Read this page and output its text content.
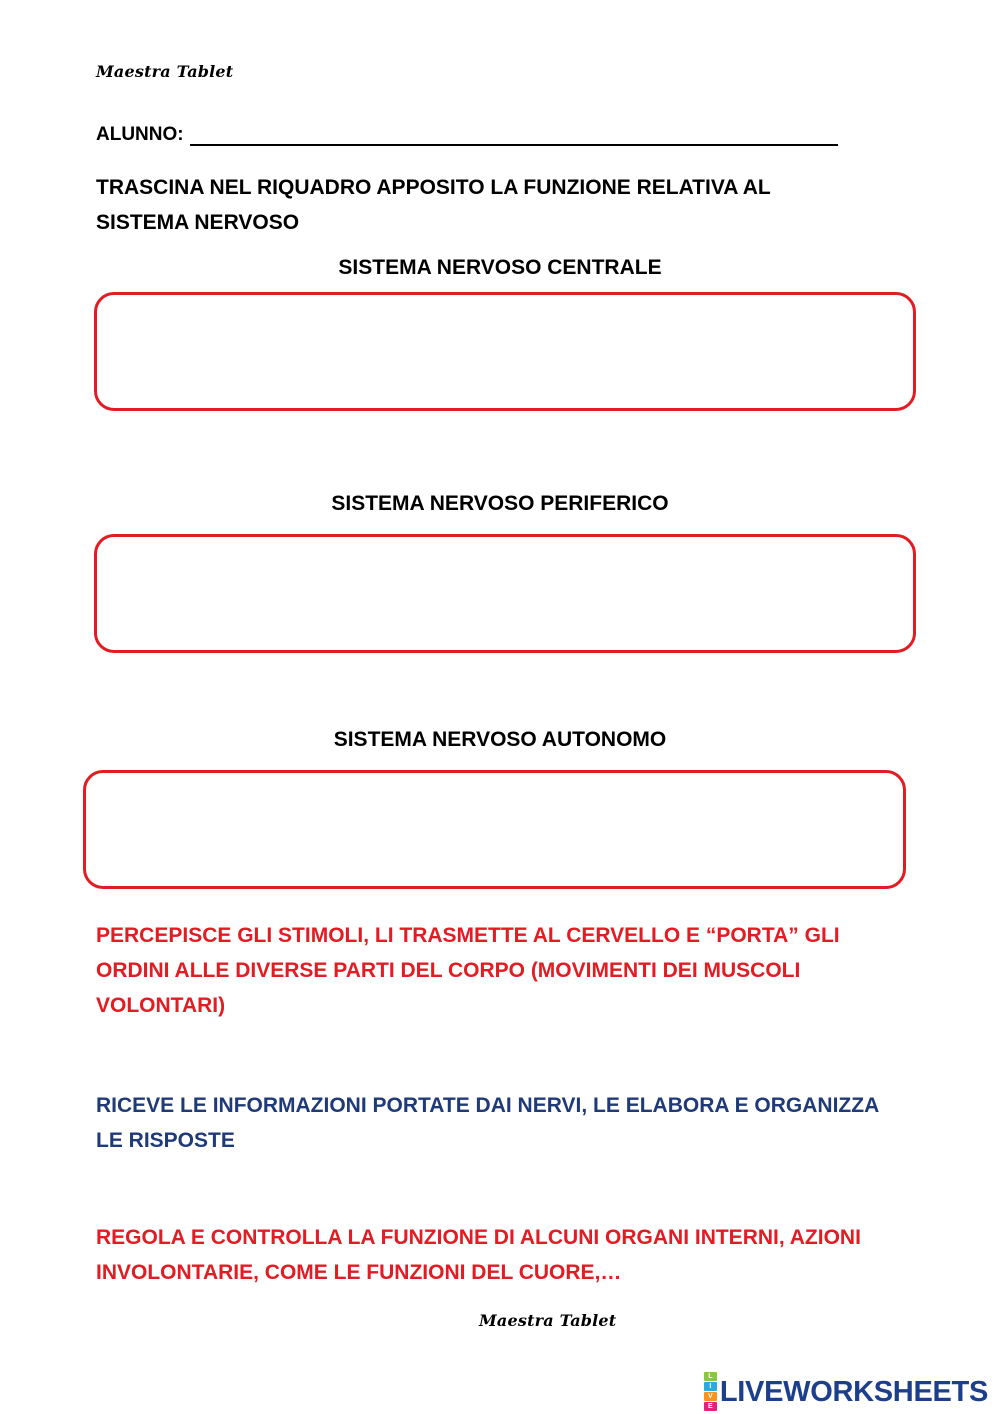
Maestra Tablet
ALUNNO:
TRASCINA NEL RIQUADRO APPOSITO LA FUNZIONE RELATIVA AL SISTEMA NERVOSO
SISTEMA NERVOSO CENTRALE
SISTEMA NERVOSO PERIFERICO
SISTEMA NERVOSO AUTONOMO
PERCEPISCE GLI STIMOLI, LI TRASMETTE AL CERVELLO E “PORTA” GLI ORDINI ALLE DIVERSE PARTI DEL CORPO (MOVIMENTI DEI MUSCOLI VOLONTARI)
RICEVE LE INFORMAZIONI PORTATE DAI NERVI, LE ELABORA E ORGANIZZA LE RISPOSTE
REGOLA E CONTROLLA LA FUNZIONE DI ALCUNI ORGANI INTERNI, AZIONI INVOLONTARIE, COME LE FUNZIONI DEL CUORE,…
Maestra Tablet
L
I
V
E LIVEWORKSHEETS
